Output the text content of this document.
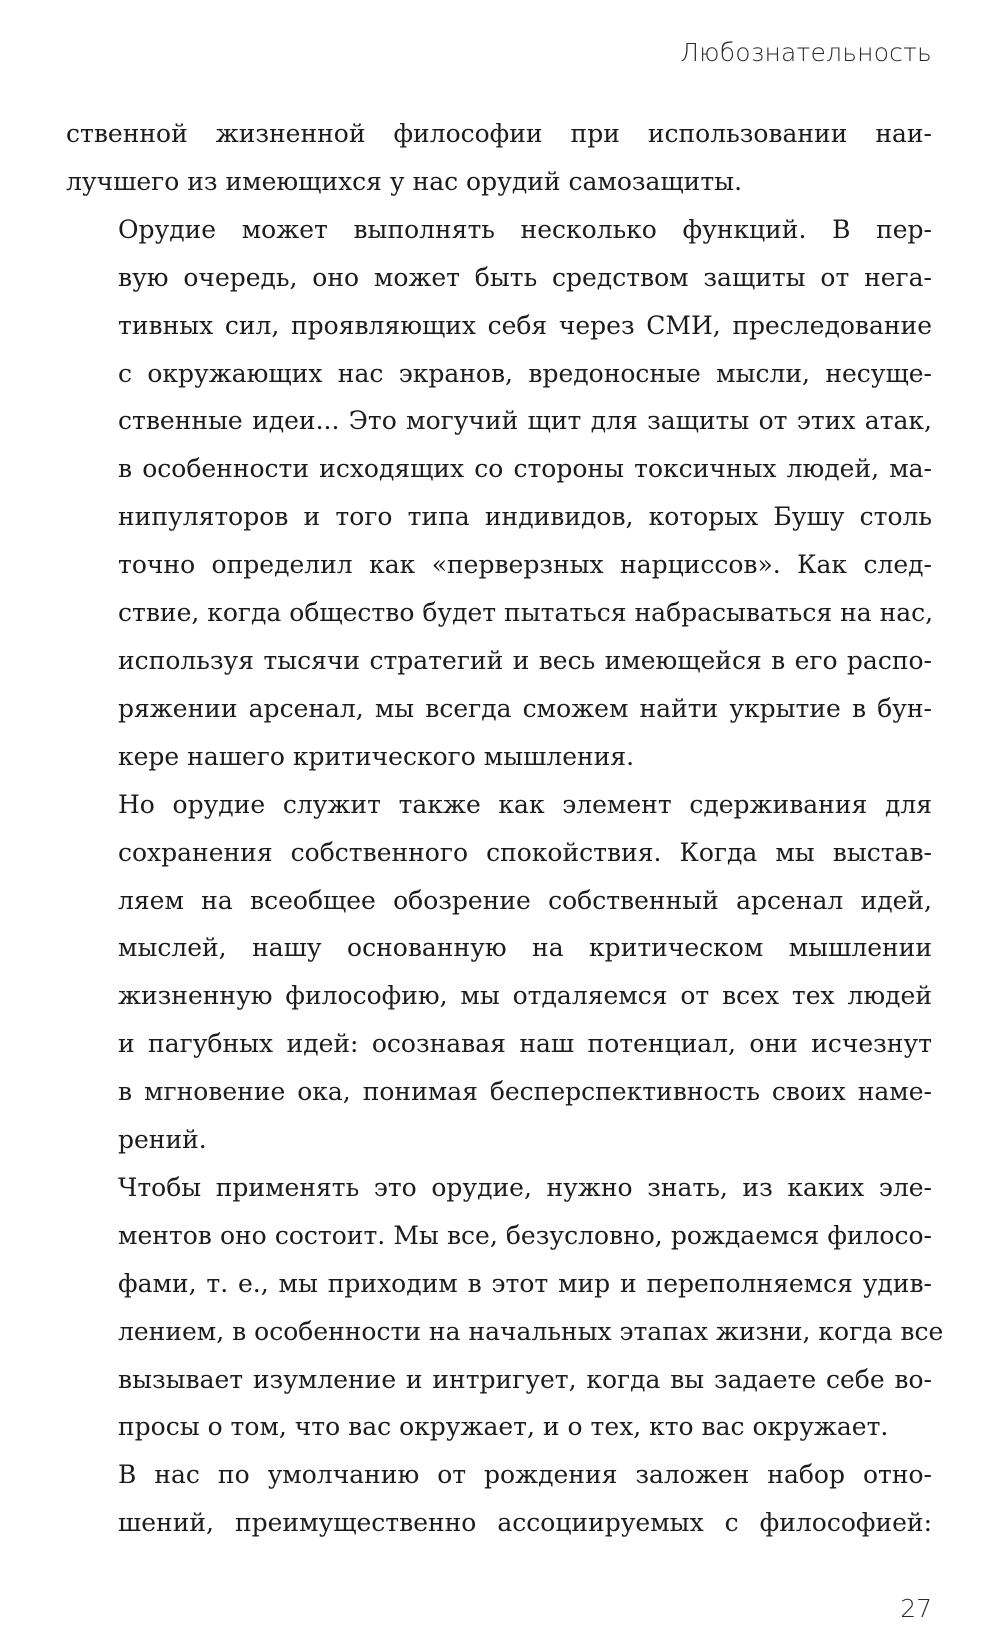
Любознательность

ственной жизненной философии при использовании наи-
лучшего из имеющихся у нас орудий самозащиты.

Орудие может выполнять несколько функций. В пер-
вую очередь, оно может быть средством защиты от нега-
тивных сил, проявляющих себя через СМИ, преследование
с окружающих нас экранов, вредоносные мысли, несуще-
ственные идеи... Это могучий щит для защиты от этих атак,
в особенности исходящих со стороны токсичных людей, ма-
нипуляторов и того типа индивидов, которых Бушу столь
точно определил как «перверзных нарциссов». Как след-
ствие, когда общество будет пытаться набрасываться на нас,
используя тысячи стратегий и весь имеющейся в его распо-
ряжении арсенал, мы всегда сможем найти укрытие в бун-
кере нашего критического мышления.

Но орудие служит также как элемент сдерживания для
сохранения собственного спокойствия. Когда мы выстав-
ляем на всеобщее обозрение собственный арсенал идей,
мыслей, нашу основанную на критическом мышлении
жизненную философию, мы отдаляемся от всех тех людей
и пагубных идей: осознавая наш потенциал, они исчезнут
в мгновение ока, понимая бесперспективность своих наме-
рений.

Чтобы применять это орудие, нужно знать, из каких эле-
ментов оно состоит. Мы все, безусловно, рождаемся филосо-
фами, т. е., мы приходим в этот мир и переполняемся удив-
лением, в особенности на начальных этапах жизни, когда все
вызывает изумление и интригует, когда вы задаете себе во-
просы о том, что вас окружает, и о тех, кто вас окружает.

В нас по умолчанию от рождения заложен набор отно-
шений, преимущественно ассоциируемых с философией:

27
